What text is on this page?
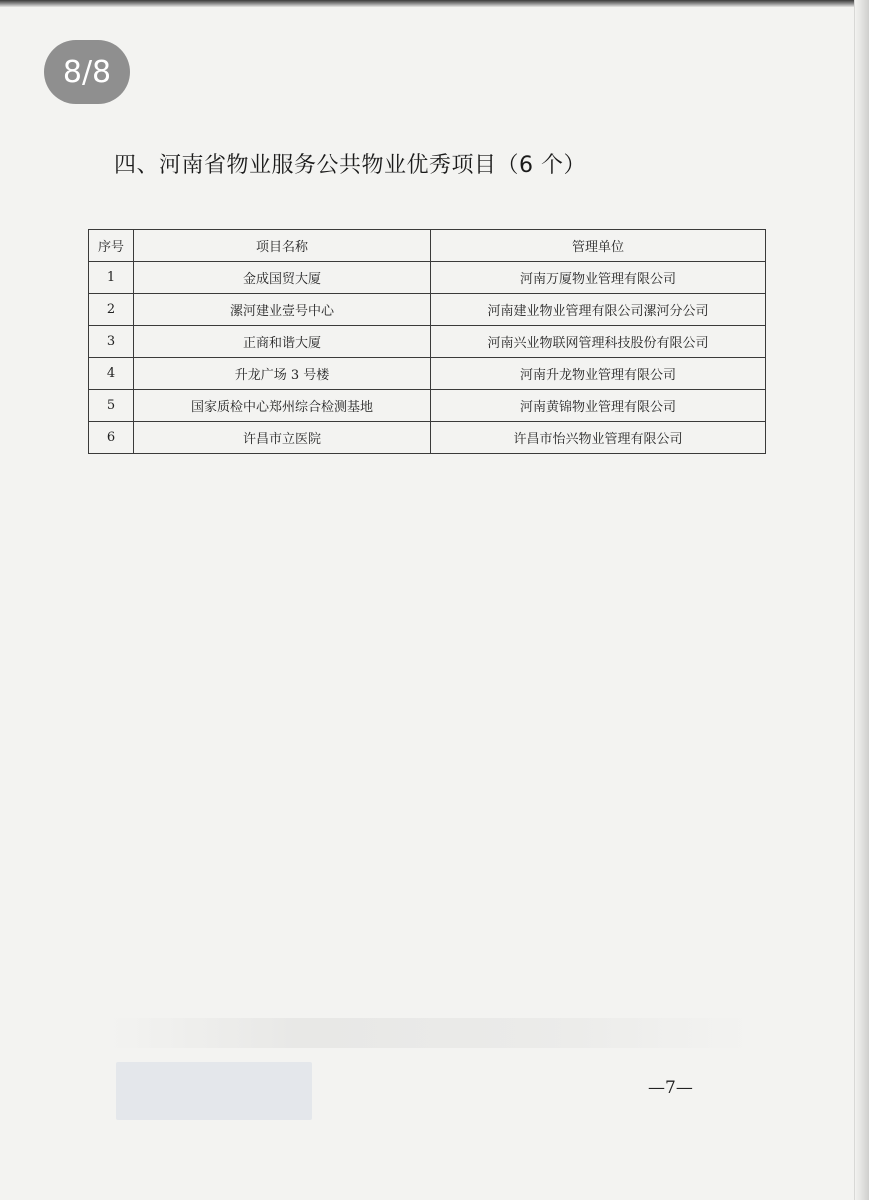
8/8
四、河南省物业服务公共物业优秀项目（6 个）
序号	项目名称	管理单位
1	金成国贸大厦	河南万厦物业管理有限公司
2	漯河建业壹号中心	河南建业物业管理有限公司漯河分公司
3	正商和谐大厦	河南兴业物联网管理科技股份有限公司
4	升龙广场 3 号楼	河南升龙物业管理有限公司
5	国家质检中心郑州综合检测基地	河南黄锦物业管理有限公司
6	许昌市立医院	许昌市怡兴物业管理有限公司
—7—
